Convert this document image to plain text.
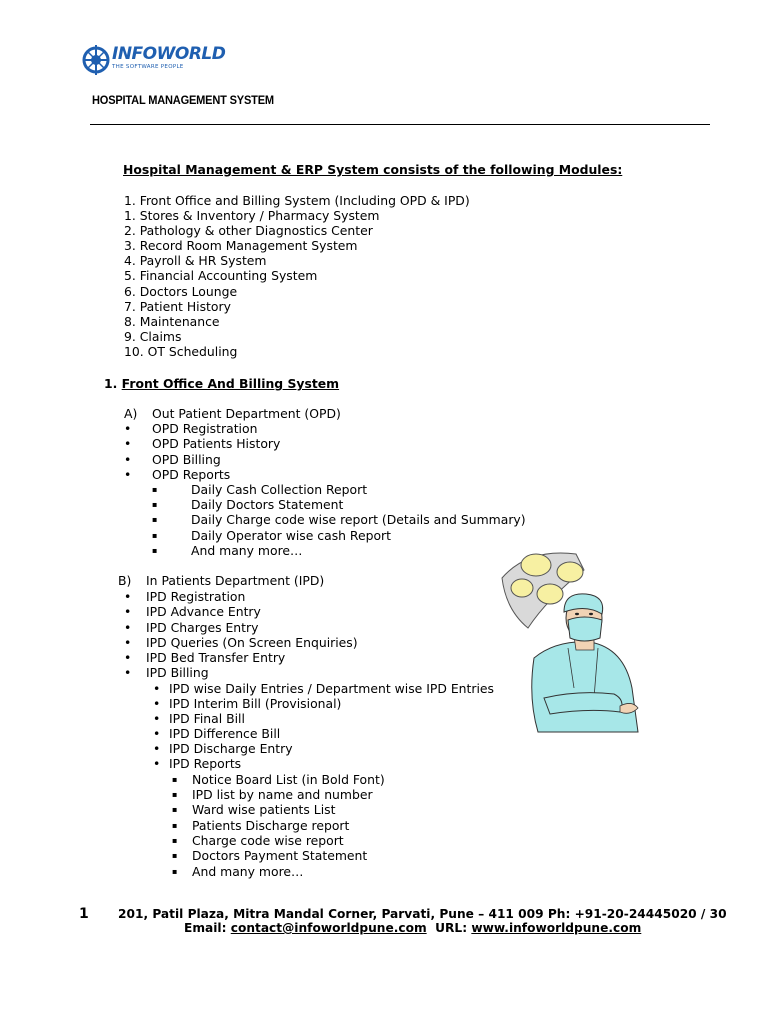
INFOWORLD
THE SOFTWARE PEOPLE
HOSPITAL MANAGEMENT SYSTEM
Hospital Management & ERP System consists of the following Modules:
1. Front Office and Billing System (Including OPD & IPD)
1. Stores & Inventory / Pharmacy System
2. Pathology & other Diagnostics Center
3. Record Room Management System
4. Payroll & HR System
5. Financial Accounting System
6. Doctors Lounge
7. Patient History
8. Maintenance
9. Claims
10. OT Scheduling
1. Front Office And Billing System
A) Out Patient Department (OPD)
• OPD Registration
• OPD Patients History
• OPD Billing
• OPD Reports
▪	Daily Cash Collection Report
▪	Daily Doctors Statement
▪	Daily Charge code wise report (Details and Summary)
▪	Daily Operator wise cash Report
▪	And many more…
B) In Patients Department (IPD)
• IPD Registration
• IPD Advance Entry
• IPD Charges Entry
• IPD Queries (On Screen Enquiries)
• IPD Bed Transfer Entry
• IPD Billing
• IPD wise Daily Entries / Department wise IPD Entries
• IPD Interim Bill (Provisional)
• IPD Final Bill
• IPD Difference Bill
• IPD Discharge Entry
• IPD Reports
▪ Notice Board List (in Bold Font)
▪ IPD list by name and number
▪ Ward wise patients List
▪ Patients Discharge report
▪ Charge code wise report
▪ Doctors Payment Statement
▪ And many more…
1 201, Patil Plaza, Mitra Mandal Corner, Parvati, Pune – 411 009 Ph: +91-20-24445020 / 30
Email: contact@infoworldpune.com URL: www.infoworldpune.com
